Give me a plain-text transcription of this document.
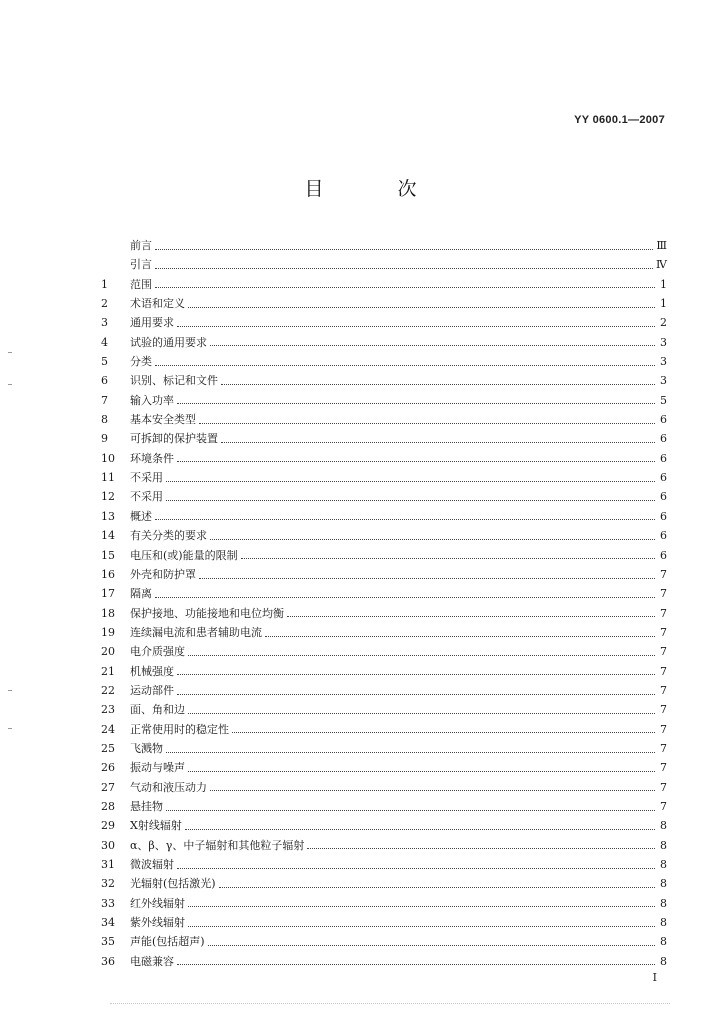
YY 0600.1—2007
目 次
前言	Ⅲ
引言	Ⅳ
1	范围	1
2	术语和定义	1
3	通用要求	2
4	试验的通用要求	3
5	分类	3
6	识别、标记和文件	3
7	输入功率	5
8	基本安全类型	6
9	可拆卸的保护装置	6
10	环境条件	6
11	不采用	6
12	不采用	6
13	概述	6
14	有关分类的要求	6
15	电压和(或)能量的限制	6
16	外壳和防护罩	7
17	隔离	7
18	保护接地、功能接地和电位均衡	7
19	连续漏电流和患者辅助电流	7
20	电介质强度	7
21	机械强度	7
22	运动部件	7
23	面、角和边	7
24	正常使用时的稳定性	7
25	飞溅物	7
26	振动与噪声	7
27	气动和液压动力	7
28	悬挂物	7
29	X射线辐射	8
30	α、β、γ、中子辐射和其他粒子辐射	8
31	微波辐射	8
32	光辐射(包括激光)	8
33	红外线辐射	8
34	紫外线辐射	8
35	声能(包括超声)	8
36	电磁兼容	8
Ⅰ
